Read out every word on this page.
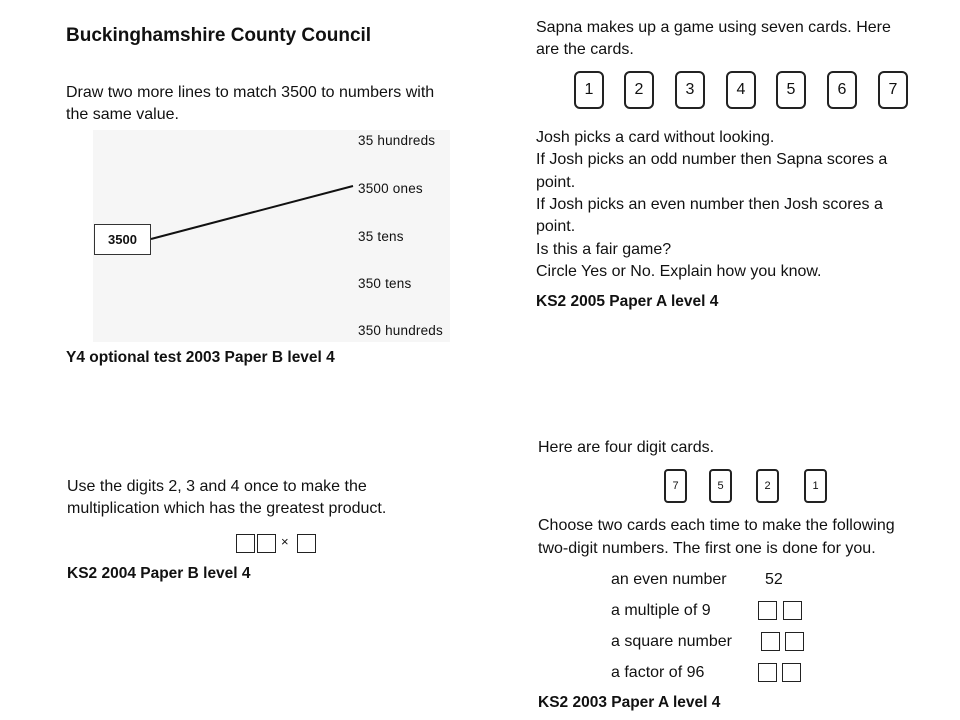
Buckinghamshire County Council
Draw two more lines to match 3500 to numbers with
the same value.
3500
35 hundreds
3500 ones
35 tens
350 tens
350 hundreds
Y4 optional test 2003 Paper B level 4
Sapna makes up a game using seven cards. Here
are the cards.
1	2	3	4	5	6	7
Josh picks a card without looking.
If Josh picks an odd number then Sapna scores a
point.
If Josh picks an even number then Josh scores a
point.
Is this a fair game?
Circle Yes or No. Explain how you know.
KS2 2005 Paper A level 4
Use the digits 2, 3 and 4 once to make the
multiplication which has the greatest product.
×
KS2 2004 Paper B level 4
Here are four digit cards.
7	5	2	1
Choose two cards each time to make the following
two-digit numbers. The first one is done for you.
an even number 52
a multiple of 9
a square number
a factor of 96
KS2 2003 Paper A level 4
